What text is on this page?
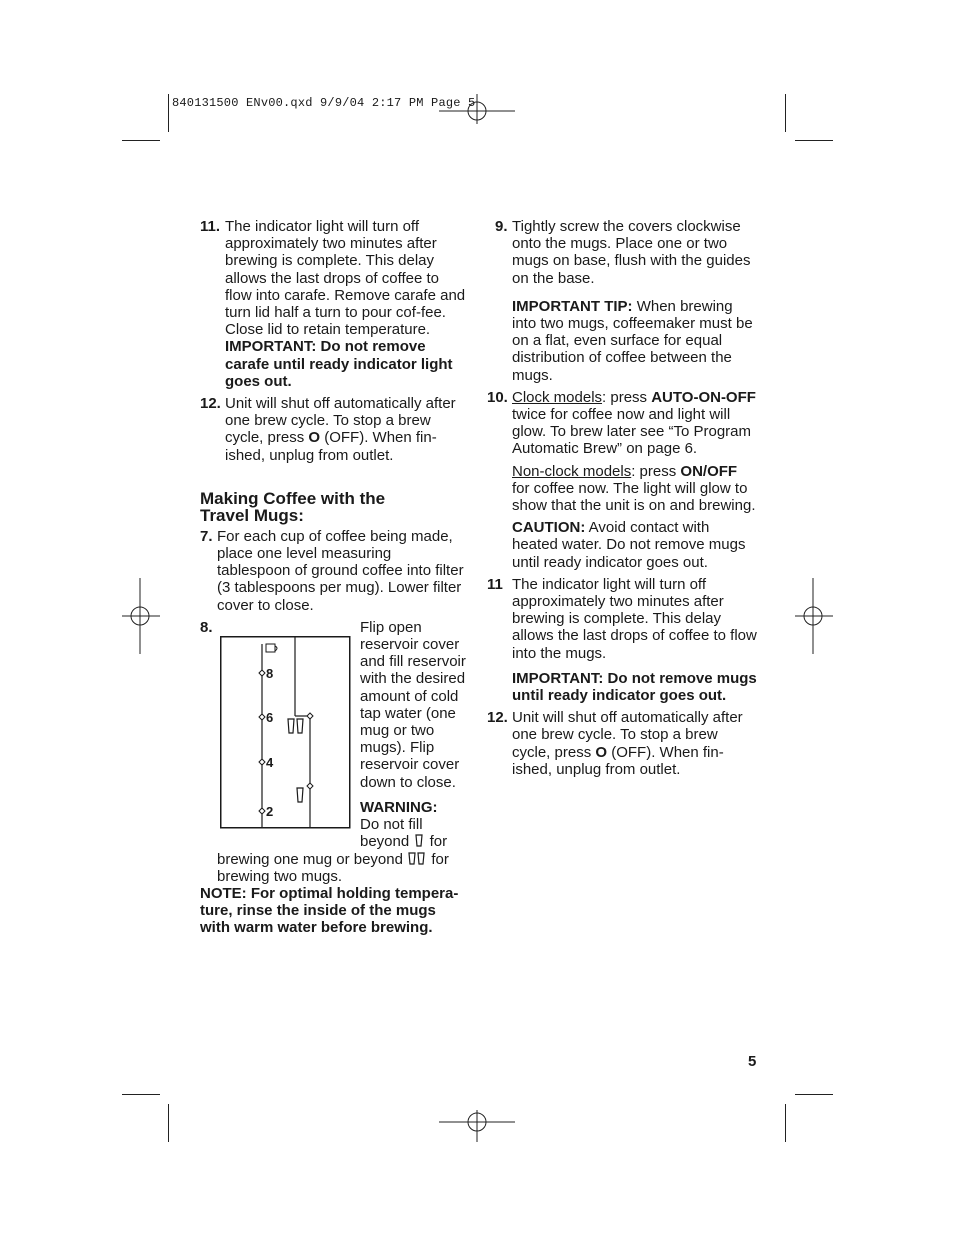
840131500 ENv00.qxd 9/9/04 2:17 PM Page 5
11. The indicator light will turn off approximately two minutes after brewing is complete. This delay allows the last drops of coffee to flow into carafe. Remove carafe and turn lid half a turn to pour cof-fee. Close lid to retain temperature. IMPORTANT: Do not remove carafe until ready indicator light goes out.
12. Unit will shut off automatically after one brew cycle. To stop a brew cycle, press O (OFF). When fin-ished, unplug from outlet.
Making Coffee with the Travel Mugs:
7. For each cup of coffee being made, place one level measuring tablespoon of ground coffee into filter (3 tablespoons per mug). Lower filter cover to close.
8.
8
6
4
2
Flip open reservoir cover and fill reservoir with the desired amount of cold tap water (one mug or two mugs). Flip reservoir cover down to close.
WARNING:
Do not fill beyond for brewing one mug or beyond for brewing two mugs.

NOTE: For optimal holding tempera-ture, rinse the inside of the mugs with warm water before brewing.

9. Tightly screw the covers clockwise onto the mugs. Place one or two mugs on base, flush with the guides on the base.
IMPORTANT TIP: When brewing into two mugs, coffeemaker must be on a flat, even surface for equal distribution of coffee between the mugs.
10. Clock models: press AUTO-ON-OFF twice for coffee now and light will glow. To brew later see “To Program Automatic Brew” on page 6.
Non-clock models: press ON/OFF for coffee now. The light will glow to show that the unit is on and brewing.
CAUTION: Avoid contact with heated water. Do not remove mugs until ready indicator goes out.
11 The indicator light will turn off approximately two minutes after brewing is complete. This delay allows the last drops of coffee to flow into the mugs.
IMPORTANT: Do not remove mugs until ready indicator goes out.
12. Unit will shut off automatically after one brew cycle. To stop a brew cycle, press O (OFF). When fin-ished, unplug from outlet.
5
